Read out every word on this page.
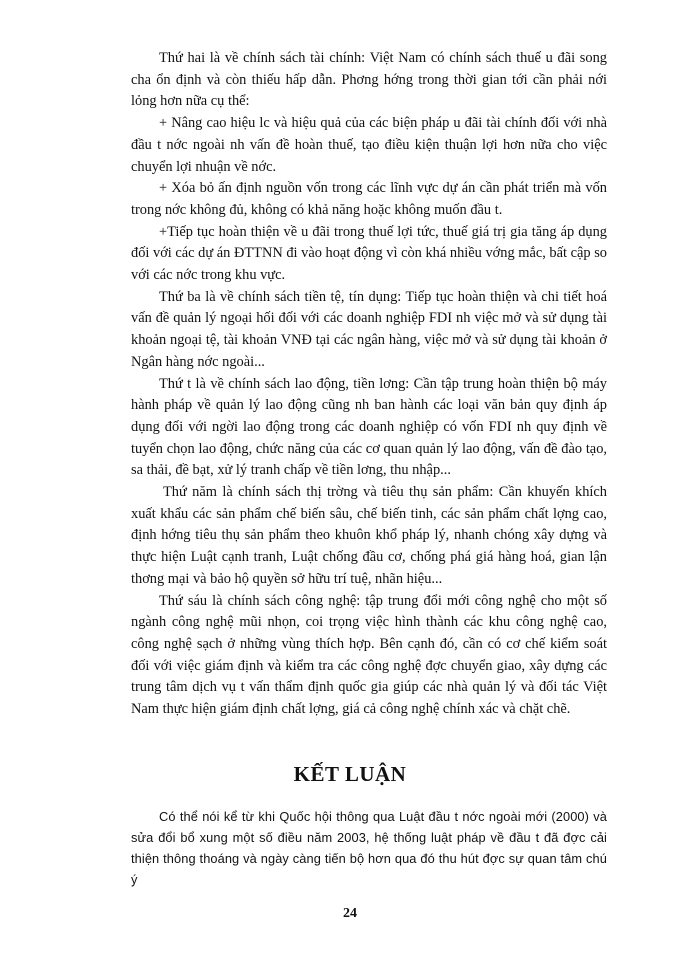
Thứ hai là về chính sách tài chính: Việt Nam có chính sách thuế u đãi song cha ổn định và còn thiếu hấp dẫn. Phơng hớng trong thời gian tới cần phải nới lỏng hơn nữa cụ thể:

+ Nâng cao hiệu lc và hiệu quả của các biện pháp u đãi tài chính đối với nhà đầu t nớc ngoài nh vấn đề hoàn thuế, tạo điều kiện thuận lợi hơn nữa cho việc chuyển lợi nhuận về nớc.

+ Xóa bỏ ấn định nguồn vốn trong các lĩnh vực dự án cần phát triển mà vốn trong nớc không đủ, không có khả năng hoặc không muốn đầu t.

+Tiếp tục hoàn thiện về u đãi trong thuế lợi tức, thuế giá trị gia tăng áp dụng đối với các dự án ĐTTNN đi vào hoạt động vì còn khá nhiều vớng mắc, bất cập so với các nớc trong khu vực.

Thứ ba là về chính sách tiền tệ, tín dụng: Tiếp tục hoàn thiện và chi tiết hoá vấn đề quản lý ngoại hối đối với các doanh nghiệp FDI nh việc mở và sử dụng tài khoản ngoại tệ, tài khoản VNĐ tại các ngân hàng, việc mở và sử dụng tài khoản ở Ngân hàng nớc ngoài...

Thứ t là về chính sách lao động, tiền lơng: Cần tập trung hoàn thiện bộ máy hành pháp về quản lý lao động cũng nh ban hành các loại văn bản quy định áp dụng đối với ngời lao động trong các doanh nghiệp có vốn FDI nh quy định về tuyển chọn lao động, chức năng của các cơ quan quản lý lao động, vấn đề đào tạo, sa thải, đề bạt, xử lý tranh chấp về tiền lơng, thu nhập...

Thứ năm là chính sách thị trờng và tiêu thụ sản phẩm: Cần khuyến khích xuất khẩu các sản phẩm chế biến sâu, chế biến tinh, các sản phẩm chất lợng cao, định hớng tiêu thụ sản phẩm theo khuôn khổ pháp lý, nhanh chóng xây dựng và thực hiện Luật cạnh tranh, Luật chống đầu cơ, chống phá giá hàng hoá, gian lận thơng mại và bảo hộ quyền sở hữu trí tuệ, nhãn hiệu...

Thứ sáu là chính sách công nghệ: tập trung đổi mới công nghệ cho một số ngành công nghệ mũi nhọn, coi trọng việc hình thành các khu công nghệ cao, công nghệ sạch ở những vùng thích hợp. Bên cạnh đó, cần có cơ chế kiểm soát đối với việc giám định và kiểm tra các công nghệ đợc chuyển giao, xây dựng các trung tâm dịch vụ t vấn thẩm định quốc gia giúp các nhà quản lý và đối tác Việt Nam thực hiện giám định chất lợng, giá cả công nghệ chính xác và chặt chẽ.

KẾT LUẬN

Có thể nói kể từ khi Quốc hội thông qua Luật đầu t nớc ngoài mới (2000) và sửa đổi bổ xung một số điều năm 2003, hệ thống luật pháp về đầu t đã đợc cải thiện thông thoáng và ngày càng tiến bộ hơn qua đó thu hút đợc sự quan tâm chú ý

24
